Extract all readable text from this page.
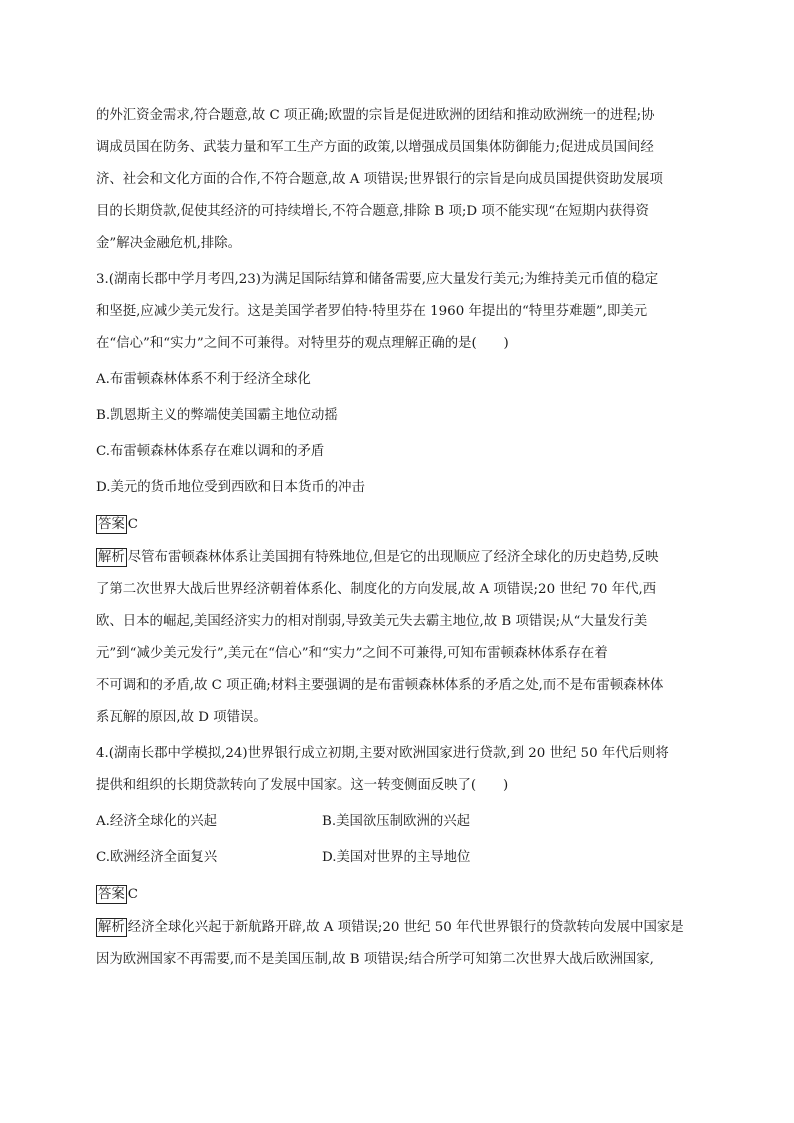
的外汇资金需求,符合题意,故 C 项正确;欧盟的宗旨是促进欧洲的团结和推动欧洲统一的进程;协

调成员国在防务、武装力量和军工生产方面的政策,以增强成员国集体防御能力;促进成员国间经

济、社会和文化方面的合作,不符合题意,故 A 项错误;世界银行的宗旨是向成员国提供资助发展项

目的长期贷款,促使其经济的可持续增长,不符合题意,排除 B 项;D 项不能实现“在短期内获得资

金”解决金融危机,排除。

3.(湖南长郡中学月考四,23)为满足国际结算和储备需要,应大量发行美元;为维持美元币值的稳定

和坚挺,应减少美元发行。这是美国学者罗伯特·特里芬在 1960 年提出的“特里芬难题”,即美元

在“信心”和“实力”之间不可兼得。对特里芬的观点理解正确的是(　　)

A.布雷顿森林体系不利于经济全球化

B.凯恩斯主义的弊端使美国霸主地位动摇

C.布雷顿森林体系存在难以调和的矛盾

D.美元的货币地位受到西欧和日本货币的冲击

答案 C

解析 尽管布雷顿森林体系让美国拥有特殊地位,但是它的出现顺应了经济全球化的历史趋势,反映

了第二次世界大战后世界经济朝着体系化、制度化的方向发展,故 A 项错误;20 世纪 70 年代,西

欧、日本的崛起,美国经济实力的相对削弱,导致美元失去霸主地位,故 B 项错误;从“大量发行美

元”到“减少美元发行”,美元在“信心”和“实力”之间不可兼得,可知布雷顿森林体系存在着

不可调和的矛盾,故 C 项正确;材料主要强调的是布雷顿森林体系的矛盾之处,而不是布雷顿森林体

系瓦解的原因,故 D 项错误。

4.(湖南长郡中学模拟,24)世界银行成立初期,主要对欧洲国家进行贷款,到 20 世纪 50 年代后则将

提供和组织的长期贷款转向了发展中国家。这一转变侧面反映了(　　)

A.经济全球化的兴起	B.美国欲压制欧洲的兴起
C.欧洲经济全面复兴	D.美国对世界的主导地位

答案 C

解析 经济全球化兴起于新航路开辟,故 A 项错误;20 世纪 50 年代世界银行的贷款转向发展中国家是

因为欧洲国家不再需要,而不是美国压制,故 B 项错误;结合所学可知第二次世界大战后欧洲国家,
